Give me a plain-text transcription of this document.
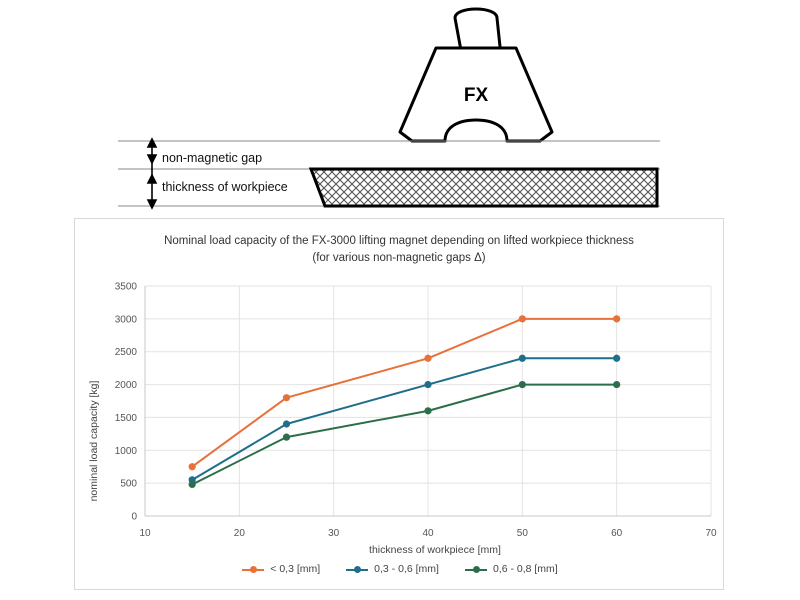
non-magnetic gap
thickness of workpiece
FX
Nominal load capacity of the FX-3000 lifting magnet depending on lifted workpiece thickness
(for various non-magnetic gaps Δ)
0
500
1000
1500
2000
2500
3000
3500
10	20	30	40	50	60	70
nominal load capacity [kg]
thickness of workpiece [mm]
< 0,3 [mm]	0,3 - 0,6 [mm]	0,6 - 0,8 [mm]
